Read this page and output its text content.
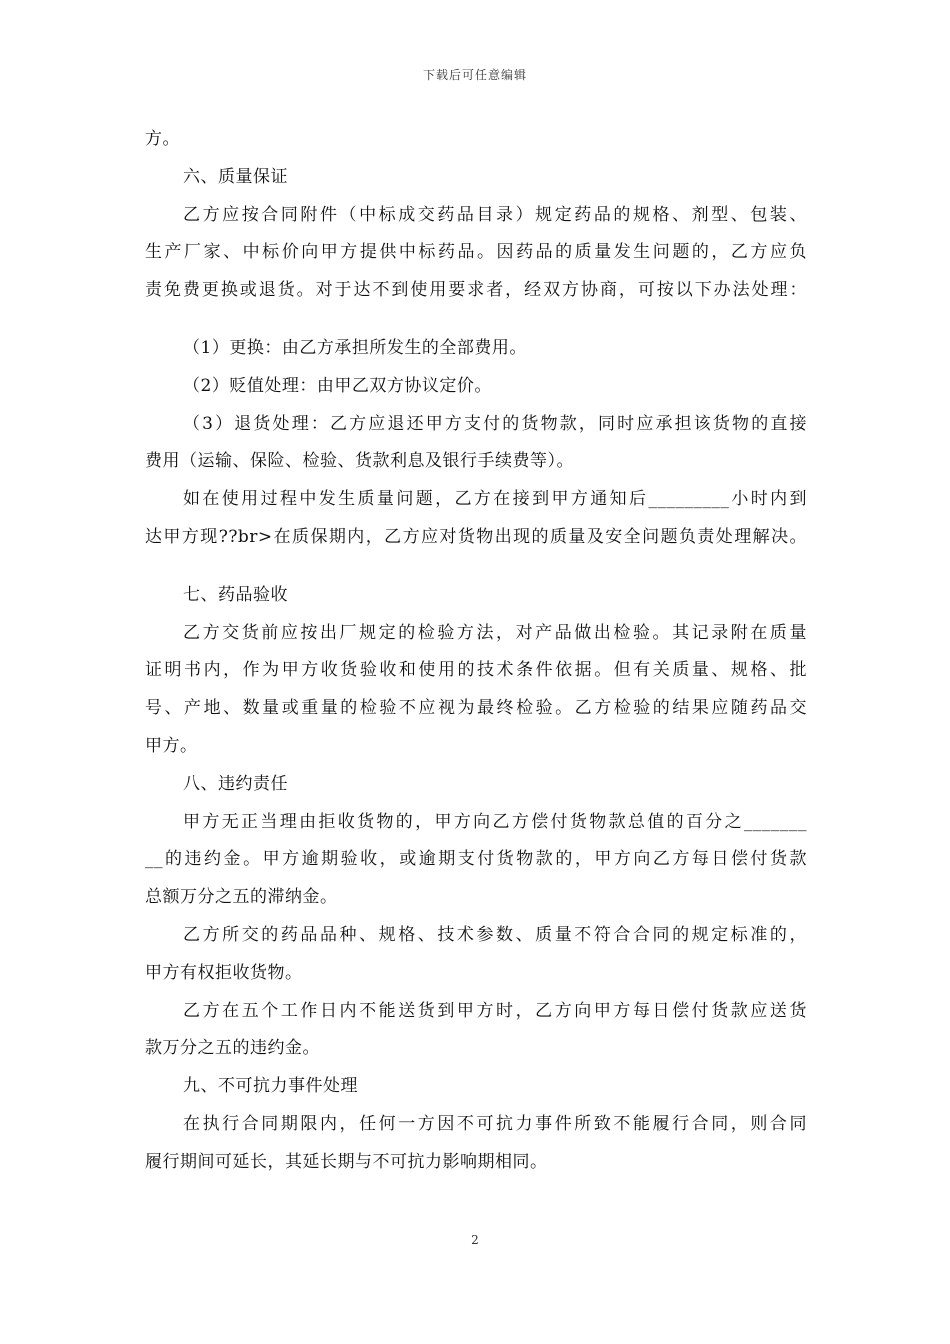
下载后可任意编辑
方。
六、质量保证
乙方应按合同附件（中标成交药品目录）规定药品的规格、剂型、包装、
生产厂家、中标价向甲方提供中标药品。因药品的质量发生问题的，乙方应负
责免费更换或退货。对于达不到使用要求者，经双方协商，可按以下办法处理：
（1）更换：由乙方承担所发生的全部费用。
（2）贬值处理：由甲乙双方协议定价。
（3）退货处理：乙方应退还甲方支付的货物款，同时应承担该货物的直接
费用（运输、保险、检验、货款利息及银行手续费等）。
如在使用过程中发生质量问题，乙方在接到甲方通知后_________小时内到
达甲方现??br>在质保期内，乙方应对货物出现的质量及安全问题负责处理解决。
七、药品验收
乙方交货前应按出厂规定的检验方法，对产品做出检验。其记录附在质量
证明书内，作为甲方收货验收和使用的技术条件依据。但有关质量、规格、批
号、产地、数量或重量的检验不应视为最终检验。乙方检验的结果应随药品交
甲方。
八、违约责任
甲方无正当理由拒收货物的，甲方向乙方偿付货物款总值的百分之_______
__的违约金。甲方逾期验收，或逾期支付货物款的，甲方向乙方每日偿付货款
总额万分之五的滞纳金。
乙方所交的药品品种、规格、技术参数、质量不符合合同的规定标准的，
甲方有权拒收货物。
乙方在五个工作日内不能送货到甲方时，乙方向甲方每日偿付货款应送货
款万分之五的违约金。
九、不可抗力事件处理
在执行合同期限内，任何一方因不可抗力事件所致不能履行合同，则合同
履行期间可延长，其延长期与不可抗力影响期相同。
2
